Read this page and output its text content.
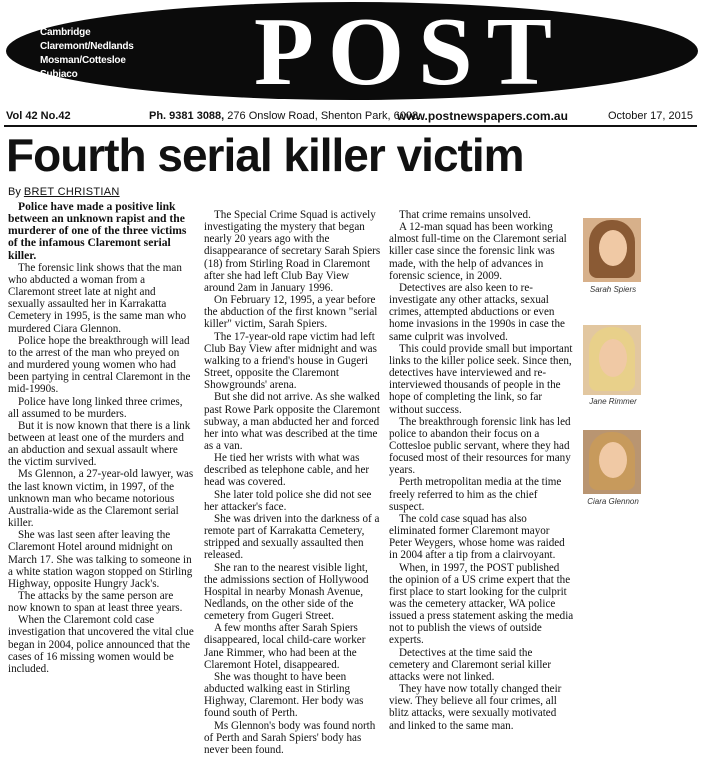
Cambridge
Claremont/Nedlands
Mosman/Cottesloe
Subiaco	POST
Vol 42 No.42	Ph. 9381 3088, 276 Onslow Road, Shenton Park, 6008.
www.postnewspapers.com.au	October 17, 2015
Fourth serial killer victim
By BRET CHRISTIAN

Police have made a positive link between an unknown rapist and the murderer of one of the three victims of the infamous Claremont serial killer.

The forensic link shows that the man who abducted a woman from a Claremont street late at night and sexually assaulted her in Karrakatta Cemetery in 1995, is the same man who murdered Ciara Glennon.

Police hope the breakthrough will lead to the arrest of the man who preyed on and murdered young women who had been partying in central Claremont in the mid-1990s.

Police have long linked three crimes, all assumed to be murders.

But it is now known that there is a link between at least one of the murders and an abduction and sexual assault where the victim survived.

Ms Glennon, a 27-year-old lawyer, was the last known victim, in 1997, of the unknown man who became notorious Australia-wide as the Claremont serial killer.

She was last seen after leaving the Claremont Hotel around midnight on March 17. She was talking to someone in a white station wagon stopped on Stirling Highway, opposite Hungry Jack's.

The attacks by the same person are now known to span at least three years.

When the Claremont cold case investigation that uncovered the vital clue began in 2004, police announced that the cases of 16 missing women would be included.

The Special Crime Squad is actively investigating the mystery that began nearly 20 years ago with the disappearance of secretary Sarah Spiers (18) from Stirling Road in Claremont after she had left Club Bay View around 2am in January 1996.

On February 12, 1995, a year before the abduction of the first known "serial killer" victim, Sarah Spiers.

The 17-year-old rape victim had left Club Bay View after midnight and was walking to a friend's house in Gugeri Street, opposite the Claremont Showgrounds' arena.

But she did not arrive. As she walked past Rowe Park opposite the Claremont subway, a man abducted her and forced her into what was described at the time as a van.

He tied her wrists with what was described as telephone cable, and her head was covered.

She later told police she did not see her attacker's face.

She was driven into the darkness of a remote part of Karrakatta Cemetery, stripped and sexually assaulted then released.

She ran to the nearest visible light, the admissions section of Hollywood Hospital in nearby Monash Avenue, Nedlands, on the other side of the cemetery from Gugeri Street.

A few months after Sarah Spiers disappeared, local child-care worker Jane Rimmer, who had been at the Claremont Hotel, disappeared.

She was thought to have been abducted walking east in Stirling Highway, Claremont. Her body was found south of Perth.

Ms Glennon's body was found north of Perth and Sarah Spiers' body has never been found.

That crime remains unsolved.

A 12-man squad has been working almost full-time on the Claremont serial killer case since the forensic link was made, with the help of advances in forensic science, in 2009.

Detectives are also keen to re-investigate any other attacks, sexual crimes, attempted abductions or even home invasions in the 1990s in case the same culprit was involved.

This could provide small but important links to the killer police seek. Since then, detectives have interviewed and re-interviewed thousands of people in the hope of completing the link, so far without success.

The breakthrough forensic link has led police to abandon their focus on a Cottesloe public servant, where they had focused most of their resources for many years.

Perth metropolitan media at the time freely referred to him as the chief suspect.

The cold case squad has also eliminated former Claremont mayor Peter Weygers, whose home was raided in 2004 after a tip from a clairvoyant.

When, in 1997, the POST published the opinion of a US crime expert that the first place to start looking for the culprit was the cemetery attacker, WA police issued a press statement asking the media not to publish the views of outside experts.

Detectives at the time said the cemetery and Claremont serial killer attacks were not linked.

They have now totally changed their view. They believe all four crimes, all blitz attacks, were sexually motivated and linked to the same man.

Sarah Spiers
Jane Rimmer
Ciara Glennon
